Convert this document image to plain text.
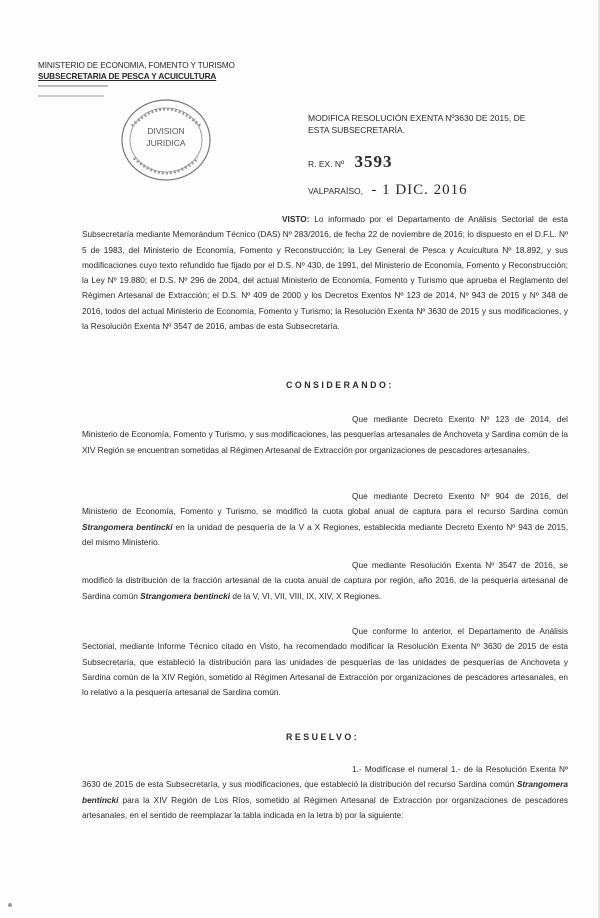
MINISTERIO DE ECONOMIA, FOMENTO Y TURISMO
SUBSECRETARIA DE PESCA Y ACUICULTURA
DIVISION
JURIDICA
MODIFICA RESOLUCIÓN EXENTA Nº3630 DE 2015, DE
ESTA SUBSECRETARÍA.
R. EX. Nº 3593
VALPARAÍSO, - 1 DIC. 2016
VISTO: Lo informado por el Departamento de Análisis Sectorial de esta Subsecretaría mediante Memorándum Técnico (DAS) Nº 283/2016, de fecha 22 de noviembre de 2016; lo dispuesto en el D.F.L. Nº 5 de 1983, del Ministerio de Economía, Fomento y Reconstrucción; la Ley General de Pesca y Acuicultura Nº 18.892, y sus modificaciones cuyo texto refundido fue fijado por el D.S. Nº 430, de 1991, del Ministerio de Economía, Fomento y Reconstrucción; la Ley Nº 19.880; el D.S. Nº 296 de 2004, del actual Ministerio de Economía, Fomento y Turismo que aprueba el Reglamento del Régimen Artesanal de Extracción; el D.S. Nº 409 de 2000 y los Decretos Exentos Nº 123 de 2014, Nº 943 de 2015 y Nº 348 de 2016, todos del actual Ministerio de Economía, Fomento y Turismo; la Resolución Exenta Nº 3630 de 2015 y sus modificaciones, y la Resolución Exenta Nº 3547 de 2016, ambas de esta Subsecretaría.
CONSIDERANDO:
Que mediante Decreto Exento Nº 123 de 2014, del Ministerio de Economía, Fomento y Turismo, y sus modificaciones, las pesquerías artesanales de Anchoveta y Sardina común de la XIV Región se encuentran sometidas al Régimen Artesanal de Extracción por organizaciones de pescadores artesanales.
Que mediante Decreto Exento Nº 904 de 2016, del Ministerio de Economía, Fomento y Turismo, se modificó la cuota global anual de captura para el recurso Sardina común Strangomera bentincki en la unidad de pesquería de la V a X Regiones, establecida mediante Decreto Exento Nº 943 de 2015, del mismo Ministerio.
Que mediante Resolución Exenta Nº 3547 de 2016, se modificó la distribución de la fracción artesanal de la cuota anual de captura por región, año 2016, de la pesquería artesanal de Sardina común Strangomera bentincki de la V, VI, VII, VIII, IX, XIV, X Regiones.
Que conforme lo anterior, el Departamento de Análisis Sectorial, mediante Informe Técnico citado en Visto, ha recomendado modificar la Resolución Exenta Nº 3630 de 2015 de esta Subsecretaría, que estableció la distribución para las unidades de pesquerías de las unidades de pesquerías de Anchoveta y Sardina común de la XIV Región, sometido al Régimen Artesanal de Extracción por organizaciones de pescadores artesanales, en lo relativo a la pesquería artesanal de Sardina común.
RESUELVO:
1.- Modifícase el numeral 1.- de la Resolución Exenta Nº 3630 de 2015 de esta Subsecretaría, y sus modificaciones, que estableció la distribución del recurso Sardina común Strangomera bentincki para la XIV Región de Los Ríos, sometido al Régimen Artesanal de Extracción por organizaciones de pescadores artesanales, en el sentido de reemplazar la tabla indicada en la letra b) por la siguiente:
